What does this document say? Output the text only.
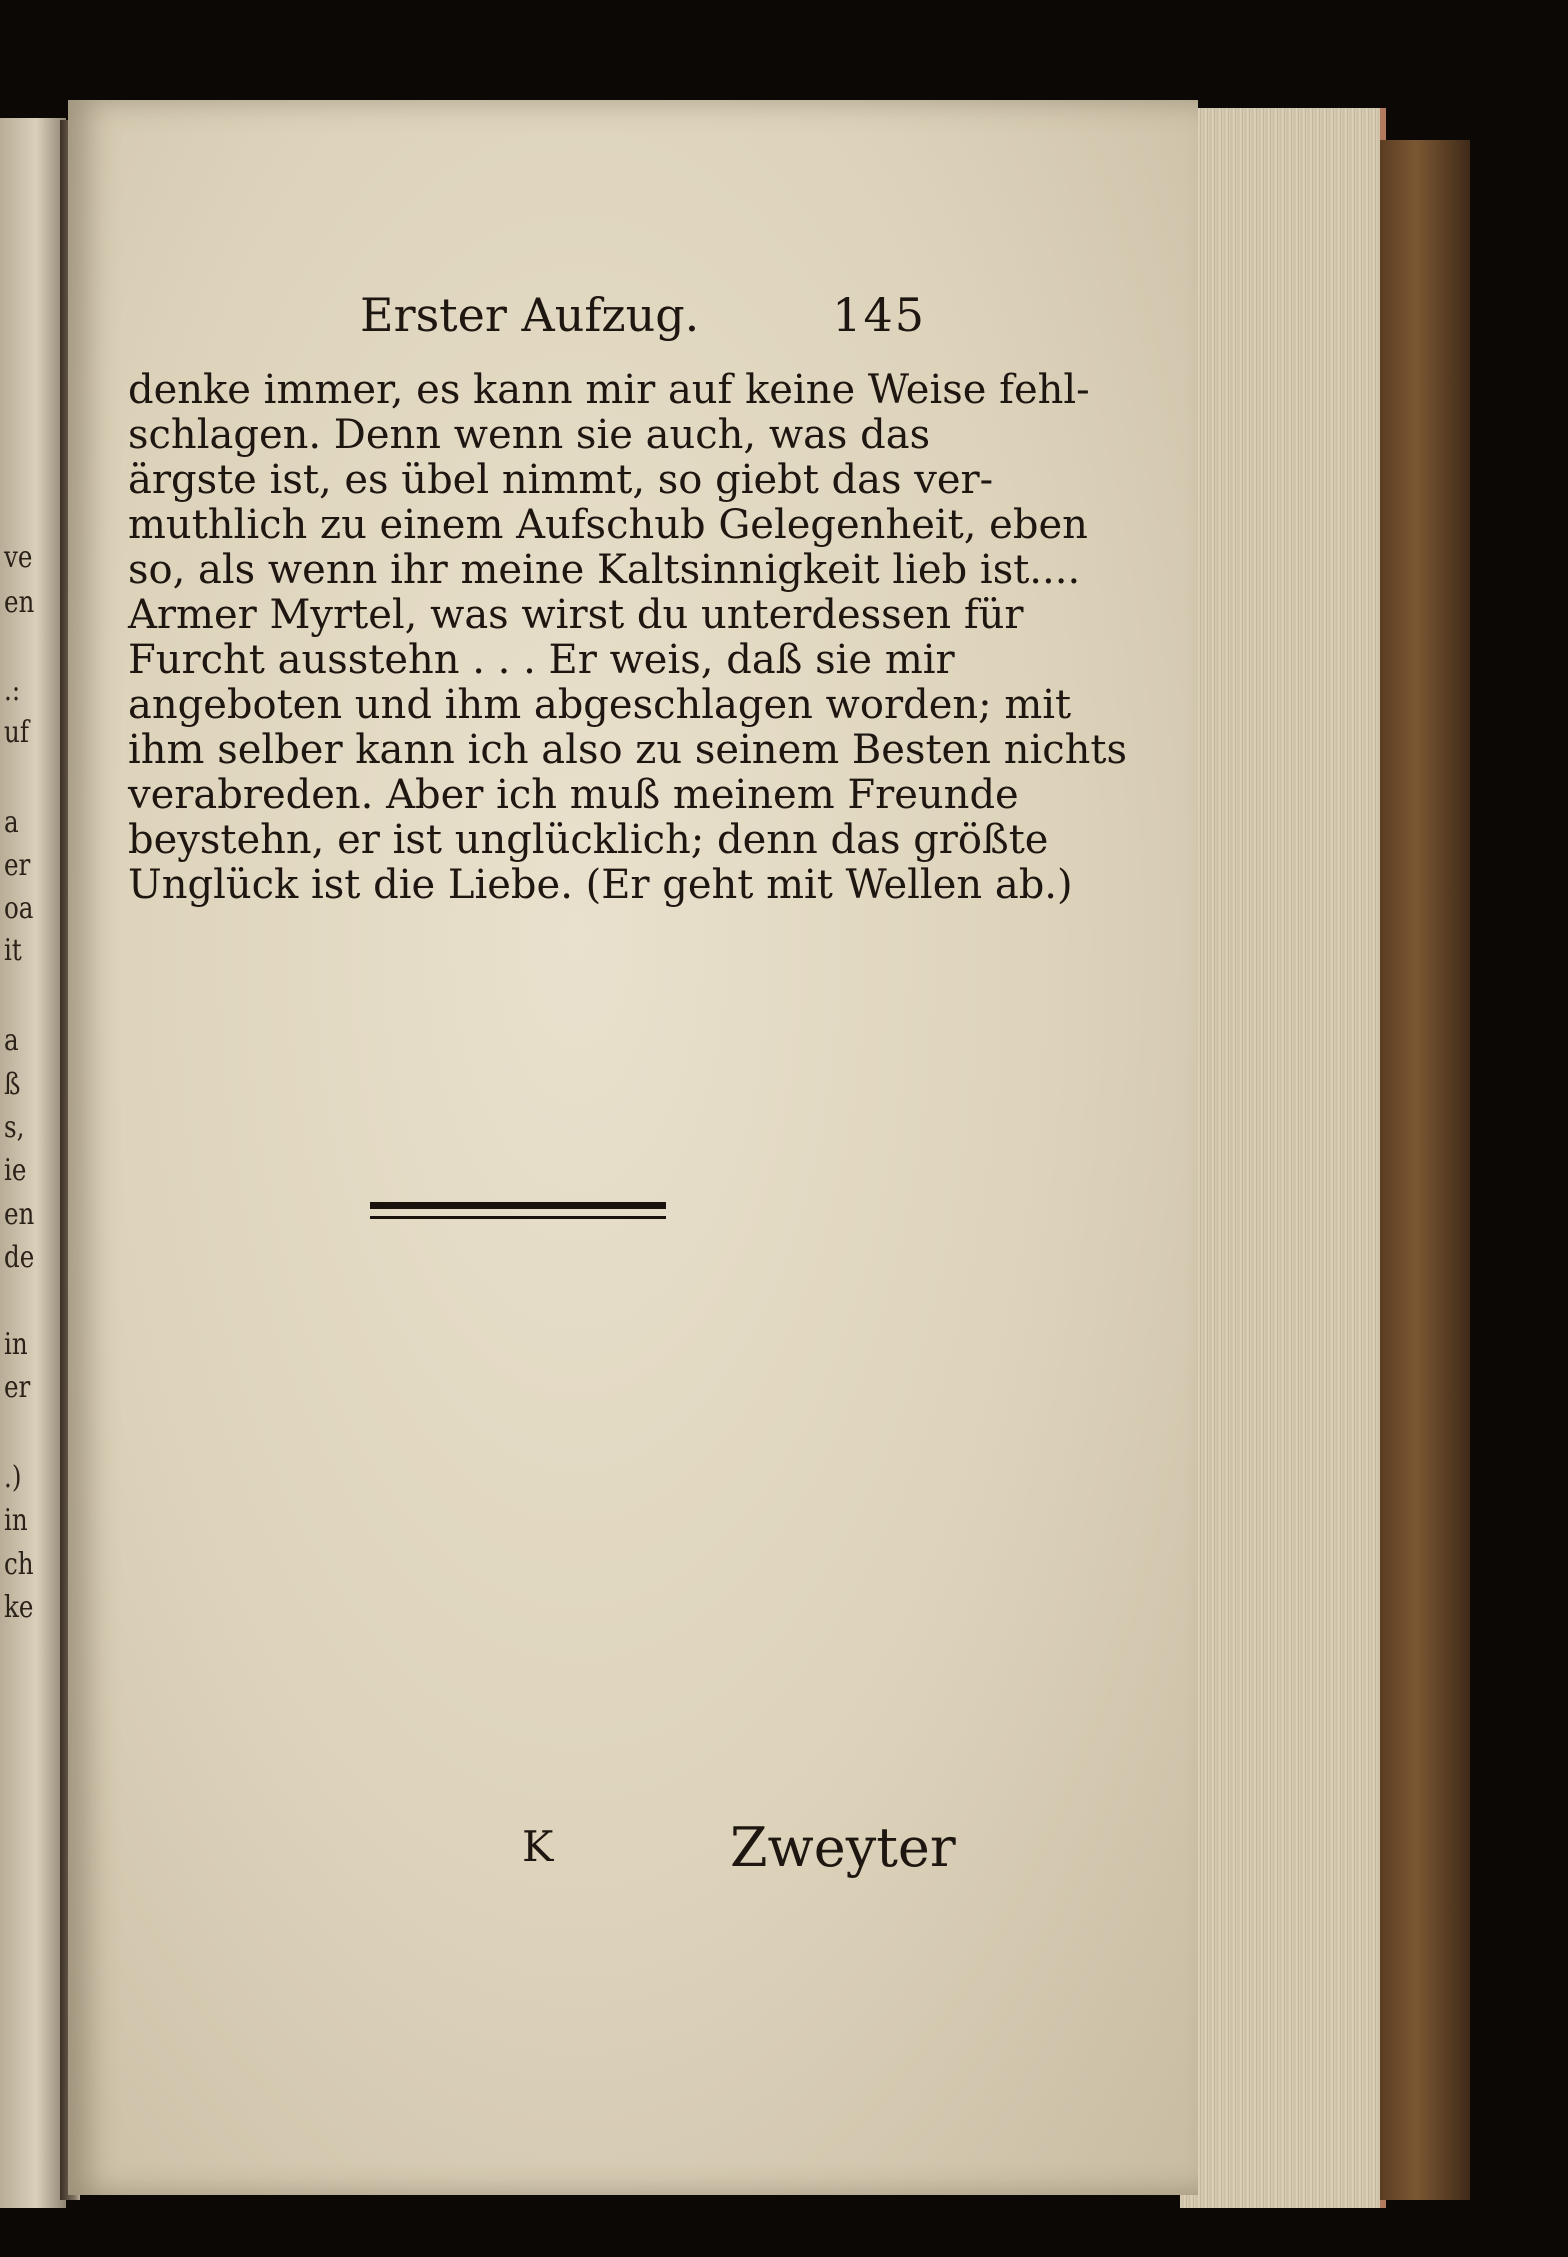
ve
en
.:
uf
a
er
oa
it
a
ß
s,
ie
en
de
in
er
.)
in
ch
ke
Erster Aufzug.	145
denke immer, es kann mir auf keine Weise fehl-
schlagen. Denn wenn sie auch, was das
ärgste ist, es übel nimmt, so giebt das ver-
muthlich zu einem Aufschub Gelegenheit, eben
so, als wenn ihr meine Kaltsinnigkeit lieb ist....
Armer Myrtel, was wirst du unterdessen für
Furcht ausstehn . . . Er weis, daß sie mir
angeboten und ihm abgeschlagen worden; mit
ihm selber kann ich also zu seinem Besten nichts
verabreden. Aber ich muß meinem Freunde
beystehn, er ist unglücklich; denn das größte
Unglück ist die Liebe. (Er geht mit Wellen ab.)
K	Zweyter
